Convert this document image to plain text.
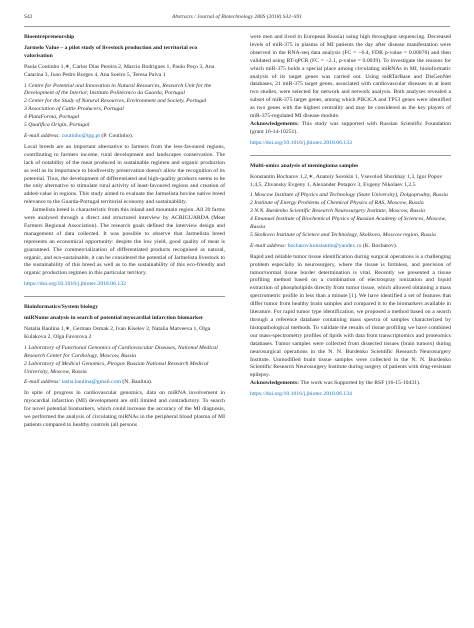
S42	Abstracts / Journal of Biotechnology 280S (2018) S32–S91
Bioentrepreneurship
Jarmelo Value – a pilot study of livestock production and territorial eco valorisation
Paula Coutinho 1,∗, Carlos Dias Pereira 2, Marcio Rodrigues 1, Paulo Poço 3, Ana Catarina 3, Joao Pedro Borges 4, Ana Soeiro 5, Teresa Paiva 1
1 Centre for Potential and Innovation in Natural Resources, Research Unit for the Development of the Interior, Instituto Politécnico da Guarda, Portugal
2 Center for the Study of Natural Resources, Environment and Society, Portugal
3 Association of Cattle Producers, Portugal
4 PlataForma, Portugal
5 Qualifica Origin, Portugal
E-mail address: coutinho@ipg.pt (P. Coutinho).

Local breeds are an important alternative to farmers from the less-favoured regions, contributing to farmers income, rural development and landscapes conservation. The lack of notability of the meat produced in sustainable regimen and organic production as well as its importance to biodiversity preservation doesn't allow the recognition of its potential. Thus, the development of differentiated and high-quality products seems to be the only alternative to stimulate rural activity of least-favoured regions and creation of added-value in regions. This study aimed to evaluate the Jarmelista bovine native breed relevance to the Guarda-Portugal territorial economy and sustainability.

Jarmelista breed is characteristic from this inland and mountain region. All 20 farms were analysed through a direct and structured interview by ACRIGUARDA (Meat Farmers Regional Association). The research goals defined the interview design and management of data collected. It was possible to observe that Jarmelista breed represents an economical opportunity: despite the low yield, good quality of meat is guaranteed. The commercialization of differentiated products recognised as natural, organic, and eco-sustainable, it can be considered the potential of Jarmelista livestock to the sustainability of this breed as well as to the sustainability of this eco-friendly and organic production regimen in this particular territory.

https://doi.org/10.1016/j.jbiotec.2018.06.132
Bioinformatics/System biology
miRNome analysis in search of potential myocardial infarction biomarker
Natalia Baulina 1,∗, German Osmak 2, Ivan Kiselev 2, Natalia Matveeva 1, Olga Kulakova 2, Olga Favorova 2
1 Laboratory of Functional Genomics of Cardiovascular Diseases, National Medical Research Center for Cardiology, Moscow, Russia
2 Laboratory of Medical Genomics, Pirogov Russian National Research Medical University, Moscow, Russia
E-mail address: tasha.baulina@gmail.com (N. Baulina).

In spite of progress in cardiovascular genomics, data on miRNA involvement in myocardial infarction (MI) development are still limited and contradictory. To search for novel potential biomarkers, which could increase the accuracy of the MI diagnosis, we performed the analysis of circulating miRNAs in the peripheral blood plasma of MI patients compared to healthy controls (all persons

were men and lived in European Russia) using high throughput sequencing. Decreased levels of miR-375 in plasma of MI patients the day after disease manifestation were observed in the RNA-seq data analysis (FC = −6.4, FDR p-value = 0.00076) and then validated using RT-qPCR (FC = −2.1, p-value = 0.0039). To investigate the reasons for which miR-375 holds a special place among circulating miRNAs in MI, bioinformatic analysis of its target genes was carried out. Using miRTarBase and DisGenNet databases, 21 miR-375 target genes, associated with cardiovascular diseases in at least two studies, were selected for network and network analysis. Both analyses revealed a subset of miR-375 target genes, among which PIK3CA and TP53 genes were identified as two genes with the highest centrality and may be considered as the key players of miR-375-regulated MI disease module.

Acknowledgements: This study was supported with Russian Scientific Foundation (grant 16-14-10251).

https://doi.org/10.1016/j.jbiotec.2018.06.133
Multi-omics analysis of meningioma samples
Konstantin Bocharov 1,2,∗, Anatoly Sorokin 1, Vsevolod Shurkhay 1,3, Igor Popov 1,4,5, Zhvansky Evgeny 1, Alexander Potapov 3, Evgeny Nikolaev 1,2,5
1 Moscow Institute of Physics and Technology (State University), Dolgoprudny, Russia
2 Institute of Energy Problems of Chemical Physics of RAS, Moscow, Russia
3 N.N. Burdenko Scientific Research Neurosurgery Institute, Moscow, Russia
4 Emanuel Institute of Biochemical Physics of Russian Academy of Sciences, Moscow, Russia
5 Skolkovo Institute of Science and Technology, Skolkovo, Moscow region, Russia
E-mail address: bocharov.konstantin@yandex.ru (K. Bocharov).

Rapid and reliable tumor tissue identification during surgical operations is a challenging problem especially in neurosurgery, where the tissue is formless, and precision of tumor/normal tissue border determination is vital. Recently we presented a tissue profiling method based on a combination of electrospray ionization and liquid extraction of phospholipids directly from tumor tissue, which allowed obtaining a mass spectrometric profile in less than a minute [1]. We have identified a set of features that differ tumor from healthy brain samples and compared it to the biomarkers available in literature. For rapid tumor type identification, we proposed a method based on a search through a reference database containing mass spectra of samples characterized by histopathological methods. To validate the results of tissue profiling we have combined our mass-spectrometry profiles of lipids with data from transcriptomics and proteomics databases. Tumor samples were collected from dissected tissues (brain tumors) during neurosurgical operations in the N. N. Burdenko Scientific Research Neurosurgery Institute. Unmodified brain tissue samples were collected in the N. N. Burdenko Scientific Research Neurosurgery Institute during surgery of patients with drug-resistant epilepsy.

Acknowledgements: The work was Supported by the RSF (16-15-10431).

https://doi.org/10.1016/j.jbiotec.2018.06.134
